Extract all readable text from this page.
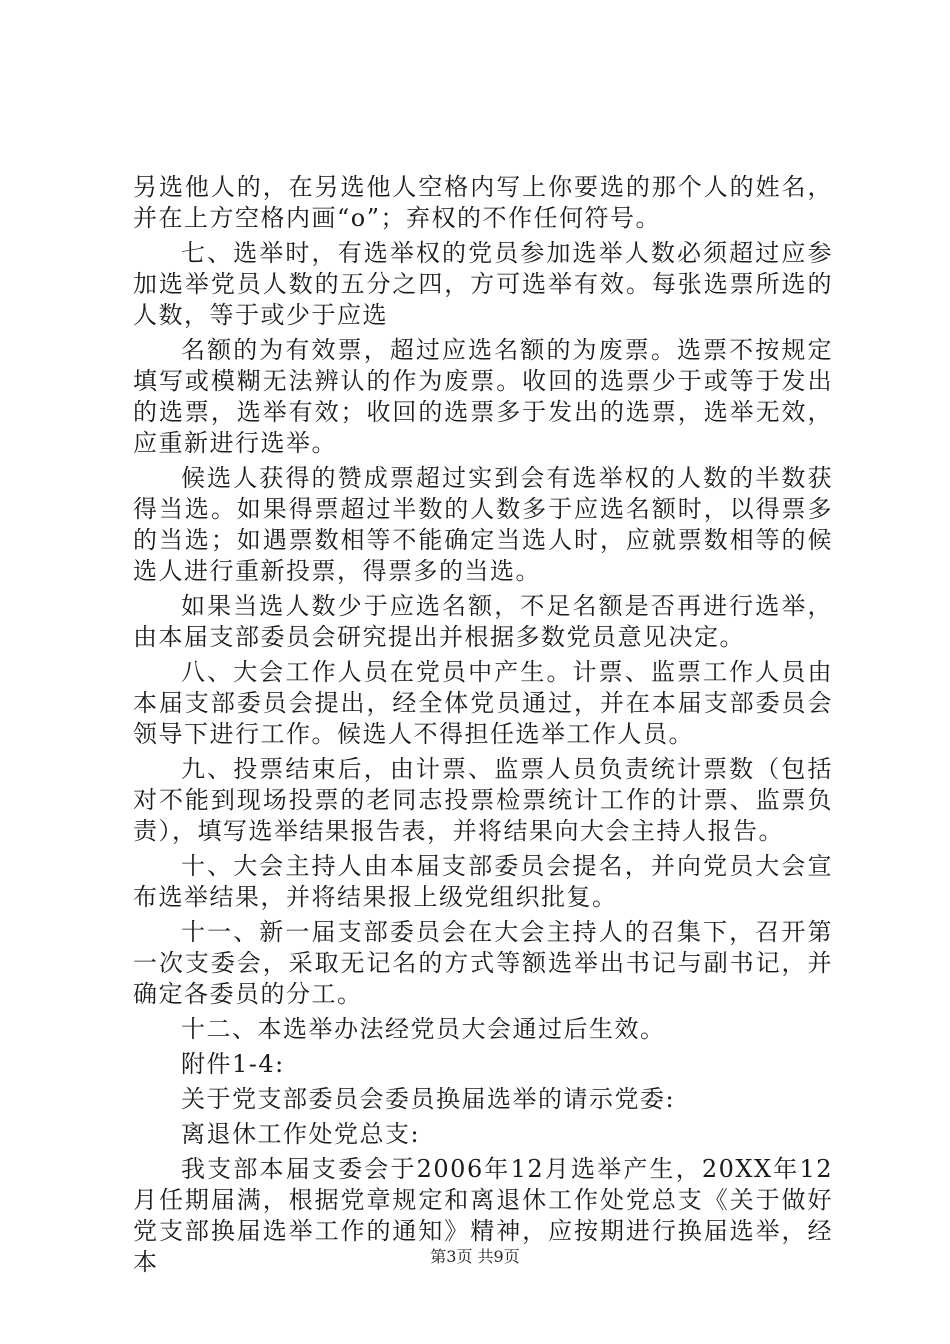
另选他人的，在另选他人空格内写上你要选的那个人的姓名，并在上方空格内画“o”；弃权的不作任何符号。

七、选举时，有选举权的党员参加选举人数必须超过应参加选举党员人数的五分之四，方可选举有效。每张选票所选的人数，等于或少于应选

名额的为有效票，超过应选名额的为废票。选票不按规定填写或模糊无法辨认的作为废票。收回的选票少于或等于发出的选票，选举有效；收回的选票多于发出的选票，选举无效，应重新进行选举。

候选人获得的赞成票超过实到会有选举权的人数的半数获得当选。如果得票超过半数的人数多于应选名额时，以得票多的当选；如遇票数相等不能确定当选人时，应就票数相等的候选人进行重新投票，得票多的当选。

如果当选人数少于应选名额，不足名额是否再进行选举，由本届支部委员会研究提出并根据多数党员意见决定。

八、大会工作人员在党员中产生。计票、监票工作人员由本届支部委员会提出，经全体党员通过，并在本届支部委员会领导下进行工作。候选人不得担任选举工作人员。

九、投票结束后，由计票、监票人员负责统计票数（包括对不能到现场投票的老同志投票检票统计工作的计票、监票负责），填写选举结果报告表，并将结果向大会主持人报告。

十、大会主持人由本届支部委员会提名，并向党员大会宣布选举结果，并将结果报上级党组织批复。

十一、新一届支部委员会在大会主持人的召集下，召开第一次支委会，采取无记名的方式等额选举出书记与副书记，并确定各委员的分工。

十二、本选举办法经党员大会通过后生效。

附件1-4:

关于党支部委员会委员换届选举的请示党委:

离退休工作处党总支:

我支部本届支委会于2006年12月选举产生，20XX年12月任期届满，根据党章规定和离退休工作处党总支《关于做好党支部换届选举工作的通知》精神，应按期进行换届选举，经本	第3页 共9页
